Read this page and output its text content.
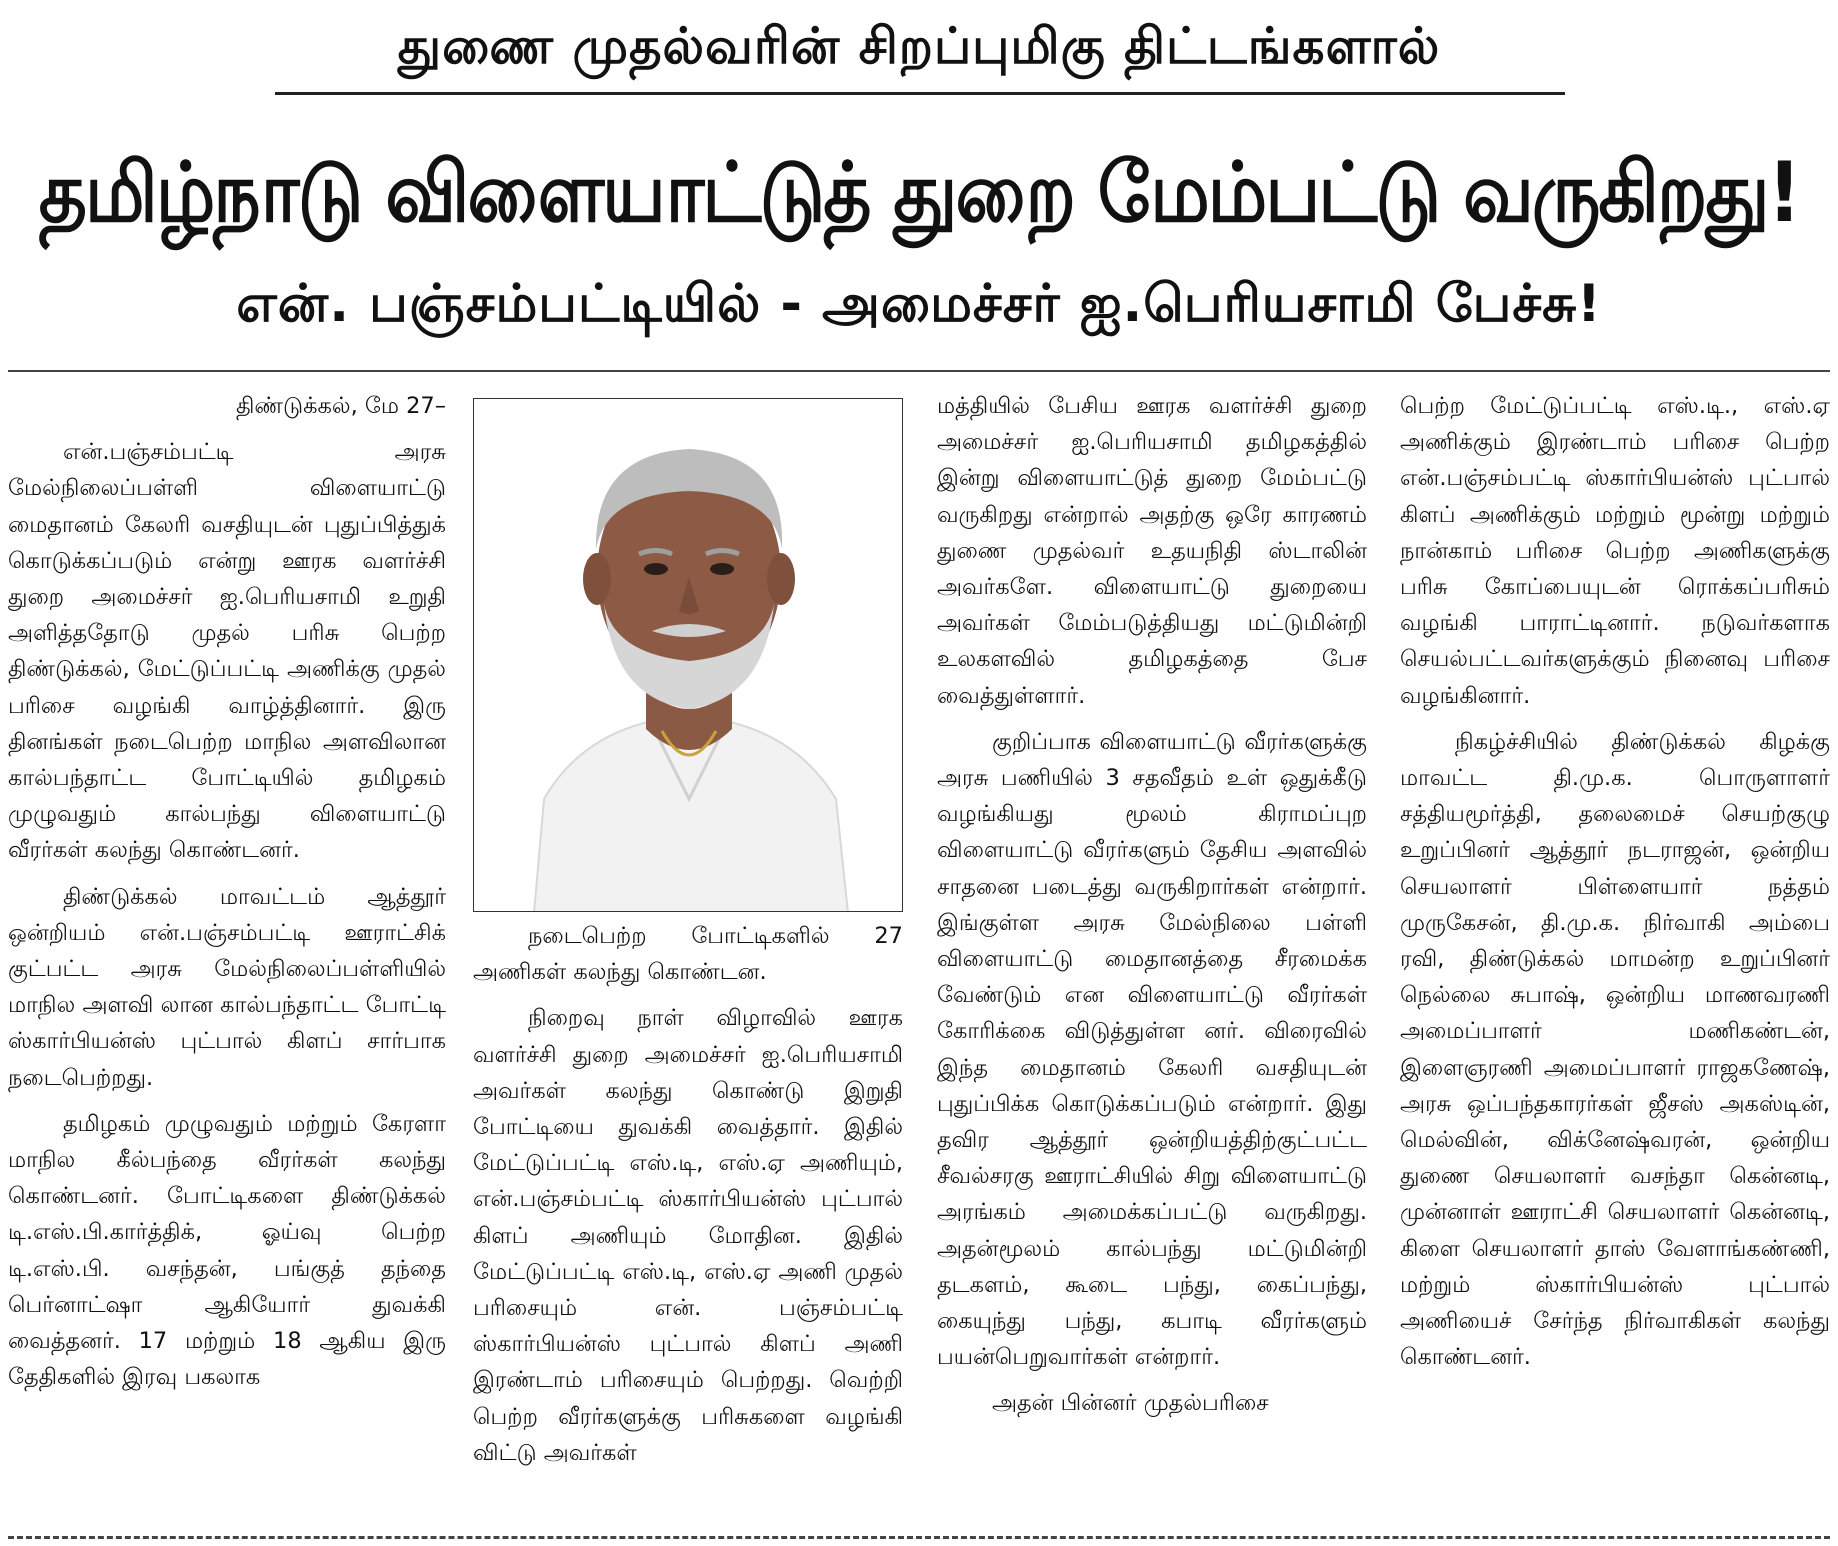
துணை முதல்வரின் சிறப்புமிகு திட்டங்களால்
தமிழ்நாடு விளையாட்டுத் துறை மேம்பட்டு வருகிறது!
என். பஞ்சம்பட்டியில் - அமைச்சர் ஐ.பெரியசாமி பேச்சு!

திண்டுக்கல், மே 27–

என்.பஞ்சம்பட்டி அரசு மேல்நிலைப்பள்ளி விளையாட்டு மைதானம் கேலரி வசதியுடன் புதுப்பித்துக் கொடுக்கப்படும் என்று ஊரக வளர்ச்சி துறை அமைச்சர் ஐ.பெரியசாமி உறுதி அளித்ததோடு முதல் பரிசு பெற்ற திண்டுக்கல், மேட்டுப்பட்டி அணிக்கு முதல் பரிசை வழங்கி வாழ்த்தினார். இரு தினங்கள் நடைபெற்ற மாநில அளவிலான கால்பந்தாட்ட போட்டியில் தமிழகம் முழுவதும் கால்பந்து விளையாட்டு வீரர்கள் கலந்து கொண்டனர்.

திண்டுக்கல் மாவட்டம் ஆத்தூர் ஒன்றியம் என்.பஞ்சம்பட்டி ஊராட்சிக் குட்பட்ட அரசு மேல்நிலைப்பள்ளியில் மாநில அளவி லான கால்பந்தாட்ட போட்டி ஸ்கார்பியன்ஸ் புட்பால் கிளப் சார்பாக நடைபெற்றது.

தமிழகம் முழுவதும் மற்றும் கேரளா மாநில கீல்பந்தை வீரர்கள் கலந்து கொண்டனர். போட்டிகளை திண்டுக்கல் டி.எஸ்.பி.கார்த்திக், ஓய்வு பெற்ற டி.எஸ்.பி. வசந்தன், பங்குத் தந்தை பெர்னாட்ஷா ஆகியோர் துவக்கி வைத்தனர். 17 மற்றும் 18 ஆகிய இரு தேதிகளில் இரவு பகலாக

நடைபெற்ற போட்டிகளில் 27 அணிகள் கலந்து கொண்டன.

நிறைவு நாள் விழாவில் ஊரக வளர்ச்சி துறை அமைச்சர் ஐ.பெரியசாமி அவர்கள் கலந்து கொண்டு இறுதி போட்டியை துவக்கி வைத்தார். இதில் மேட்டுப்பட்டி எஸ்.டி, எஸ்.ஏ அணியும், என்.பஞ்சம்பட்டி ஸ்கார்பியன்ஸ் புட்பால் கிளப் அணியும் மோதின. இதில் மேட்டுப்பட்டி எஸ்.டி, எஸ்.ஏ அணி முதல் பரிசையும் என். பஞ்சம்பட்டி ஸ்கார்பியன்ஸ் புட்பால் கிளப் அணி இரண்டாம் பரிசையும் பெற்றது. வெற்றி பெற்ற வீரர்களுக்கு பரிசுகளை வழங்கி விட்டு அவர்கள்

மத்தியில் பேசிய ஊரக வளர்ச்சி துறை அமைச்சர் ஐ.பெரியசாமி தமிழகத்தில் இன்று விளையாட்டுத் துறை மேம்பட்டு வருகிறது என்றால் அதற்கு ஒரே காரணம் துணை முதல்வர் உதயநிதி ஸ்டாலின் அவர்களே. விளையாட்டு துறையை அவர்கள் மேம்படுத்தியது மட்டுமின்றி உலகளவில் தமிழகத்தை பேச வைத்துள்ளார்.

குறிப்பாக விளையாட்டு வீரர்களுக்கு அரசு பணியில் 3 சதவீதம் உள் ஒதுக்கீடு வழங்கியது மூலம் கிராமப்புற விளையாட்டு வீரர்களும் தேசிய அளவில் சாதனை படைத்து வருகிறார்கள் என்றார். இங்குள்ள அரசு மேல்நிலை பள்ளி விளையாட்டு மைதானத்தை சீரமைக்க வேண்டும் என விளையாட்டு வீரர்கள் கோரிக்கை விடுத்துள்ள னர். விரைவில் இந்த மைதானம் கேலரி வசதியுடன் புதுப்பிக்க கொடுக்கப்படும் என்றார். இது தவிர ஆத்தூர் ஒன்றியத்திற்குட்பட்ட சீவல்சரகு ஊராட்சியில் சிறு விளையாட்டு அரங்கம் அமைக்கப்பட்டு வருகிறது. அதன்மூலம் கால்பந்து மட்டுமின்றி தடகளம், கூடை பந்து, கைப்பந்து, கையுந்து பந்து, கபாடி வீரர்களும் பயன்பெறுவார்கள் என்றார்.

அதன் பின்னர் முதல்பரிசை

பெற்ற மேட்டுப்பட்டி எஸ்.டி., எஸ்.ஏ அணிக்கும் இரண்டாம் பரிசை பெற்ற என்.பஞ்சம்பட்டி ஸ்கார்பியன்ஸ் புட்பால் கிளப் அணிக்கும் மற்றும் மூன்று மற்றும் நான்காம் பரிசை பெற்ற அணிகளுக்கு பரிசு கோப்பையுடன் ரொக்கப்பரிசும் வழங்கி பாராட்டினார். நடுவர்களாக செயல்பட்டவர்களுக்கும் நினைவு பரிசை வழங்கினார்.

நிகழ்ச்சியில் திண்டுக்கல் கிழக்கு மாவட்ட தி.மு.க. பொருளாளர் சத்தியமூர்த்தி, தலைமைச் செயற்குழு உறுப்பினர் ஆத்தூர் நடராஜன், ஒன்றிய செயலாளர் பிள்ளையார் நத்தம் முருகேசன், தி.மு.க. நிர்வாகி அம்பை ரவி, திண்டுக்கல் மாமன்ற உறுப்பினர் நெல்லை சுபாஷ், ஒன்றிய மாணவரணி அமைப்பாளர் மணிகண்டன், இளைஞரணி அமைப்பாளர் ராஜகணேஷ், அரசு ஒப்பந்தகாரர்கள் ஜீசஸ் அகஸ்டின், மெல்வின், விக்னேஷ்வரன், ஒன்றிய துணை செயலாளர் வசந்தா கென்னடி, முன்னாள் ஊராட்சி செயலாளர் கென்னடி, கிளை செயலாளர் தாஸ் வேளாங்கண்ணி, மற்றும் ஸ்கார்பியன்ஸ் புட்பால் அணியைச் சேர்ந்த நிர்வாகிகள் கலந்து கொண்டனர்.
